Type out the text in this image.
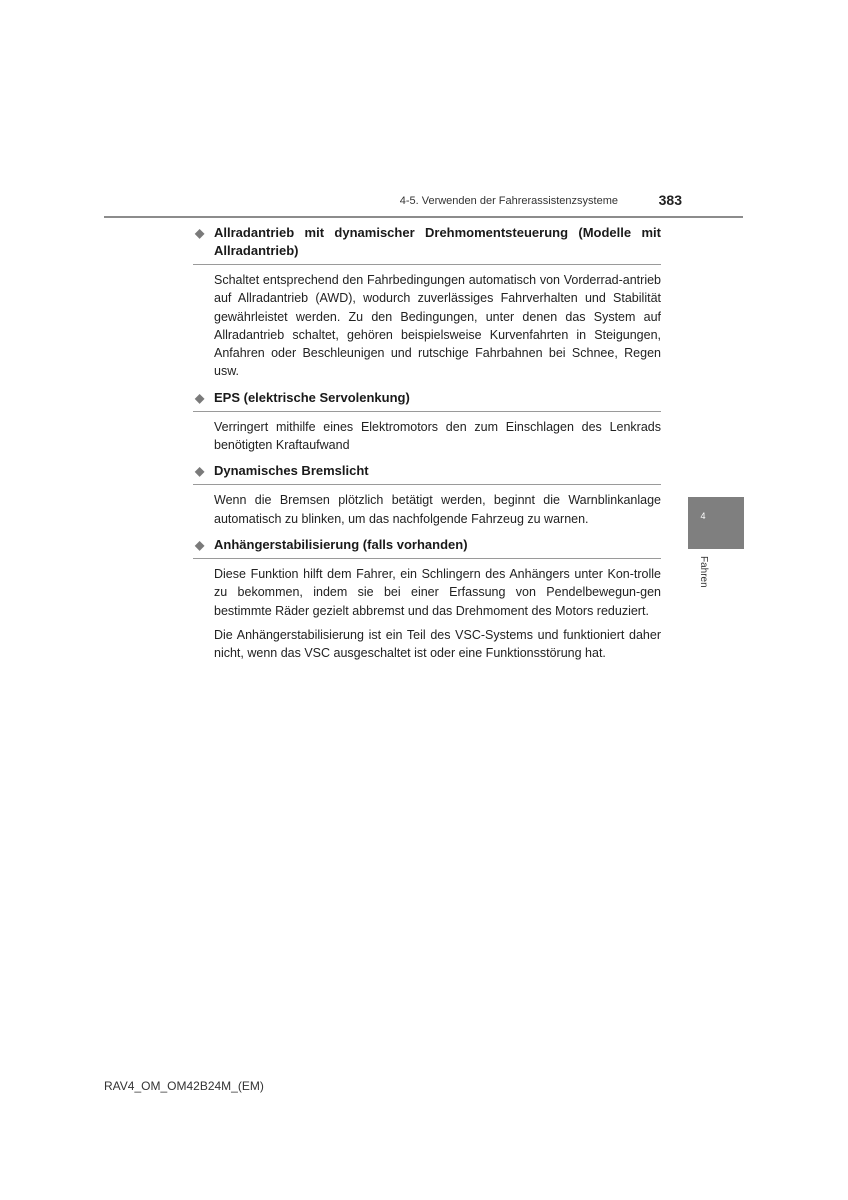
4-5. Verwenden der Fahrerassistenzsysteme	383
◆ Allradantrieb mit dynamischer Drehmomentsteuerung (Modelle mit Allradantrieb)

Schaltet entsprechend den Fahrbedingungen automatisch von Vorderrad-antrieb auf Allradantrieb (AWD), wodurch zuverlässiges Fahrverhalten und Stabilität gewährleistet werden. Zu den Bedingungen, unter denen das System auf Allradantrieb schaltet, gehören beispielsweise Kurvenfahrten in Steigungen, Anfahren oder Beschleunigen und rutschige Fahrbahnen bei Schnee, Regen usw.

◆ EPS (elektrische Servolenkung)

Verringert mithilfe eines Elektromotors den zum Einschlagen des Lenkrads benötigten Kraftaufwand

◆ Dynamisches Bremslicht

Wenn die Bremsen plötzlich betätigt werden, beginnt die Warnblinkanlage automatisch zu blinken, um das nachfolgende Fahrzeug zu warnen.

◆ Anhängerstabilisierung (falls vorhanden)

Diese Funktion hilft dem Fahrer, ein Schlingern des Anhängers unter Kon-trolle zu bekommen, indem sie bei einer Erfassung von Pendelbewegun-gen bestimmte Räder gezielt abbremst und das Drehmoment des Motors reduziert.

Die Anhängerstabilisierung ist ein Teil des VSC-Systems und funktioniert daher nicht, wenn das VSC ausgeschaltet ist oder eine Funktionsstörung hat.

4
Fahren
RAV4_OM_OM42B24M_(EM)
